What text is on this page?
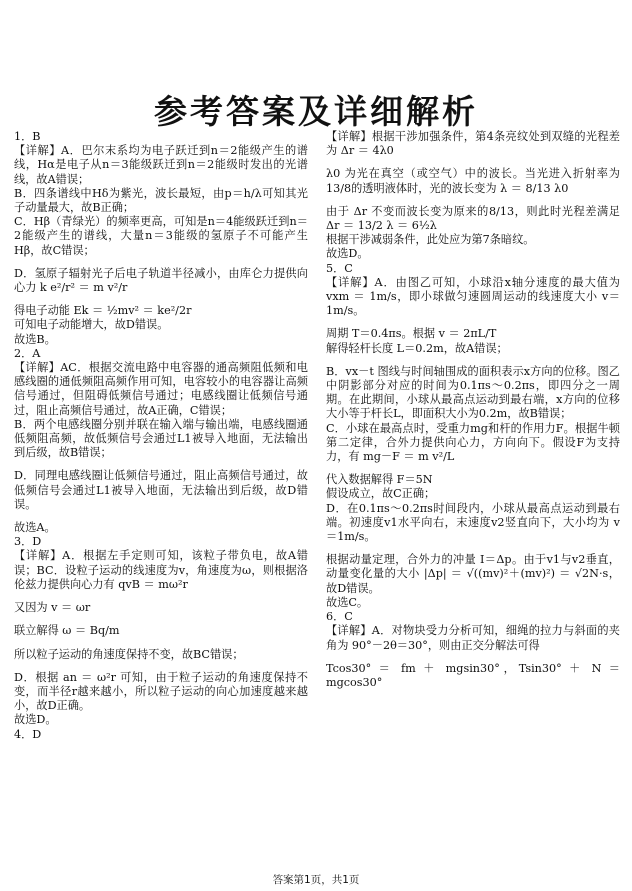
参考答案及详细解析

1．B

【详解】A．巴尔末系均为电子跃迁到n＝2能级产生的谱线，Hα是电子从n＝3能级跃迁到n＝2能级时发出的光谱线，故A错误；

B．四条谱线中Hδ为紫光，波长最短，由p＝h/λ可知其光子动量最大，故B正确；

C．Hβ（青绿光）的频率更高，可知是n＝4能级跃迁到n＝2能级产生的谱线，大量n＝3能级的氢原子不可能产生Hβ，故C错误；

D．氢原子辐射光子后电子轨道半径减小，由库仑力提供向心力 k e²/r² ＝ m v²/r

得电子动能 Ek ＝ ½mv² ＝ ke²/2r

可知电子动能增大，故D错误。

故选B。

2．A

【详解】AC．根据交流电路中电容器的通高频阻低频和电感线圈的通低频阻高频作用可知，电容较小的电容器让高频信号通过，但阻碍低频信号通过；电感线圈让低频信号通过，阻止高频信号通过，故A正确，C错误；

B．两个电感线圈分别并联在输入端与输出端，电感线圈通低频阻高频，故低频信号会通过L1被导入地面，无法输出到后级，故B错误；

D．同理电感线圈让低频信号通过，阻止高频信号通过，故低频信号会通过L1被导入地面，无法输出到后级，故D错误。

故选A。

3．D

【详解】A．根据左手定则可知，该粒子带负电，故A错误；BC．设粒子运动的线速度为v，角速度为ω，则根据洛伦兹力提供向心力有 qvB ＝ mω²r

又因为 v ＝ ωr

联立解得 ω ＝ Bq/m

所以粒子运动的角速度保持不变，故BC错误；

D．根据 an ＝ ω²r 可知，由于粒子运动的角速度保持不变，而半径r越来越小，所以粒子运动的向心加速度越来越小，故D正确。

故选D。

4．D

【详解】根据干涉加强条件，第4条亮纹处到双缝的光程差为 Δr ＝ 4λ0

λ0 为光在真空（或空气）中的波长。当光进入折射率为13/8的透明液体时，光的波长变为 λ ＝ 8/13 λ0

由于 Δr 不变而波长变为原来的8/13，则此时光程差满足 Δr ＝ 13/2 λ ＝ 6½λ

根据干涉减弱条件，此处应为第7条暗纹。

故选D。

5．C

【详解】A．由图乙可知，小球沿x轴分速度的最大值为 vxm ＝ 1m/s，即小球做匀速圆周运动的线速度大小 v＝1m/s。

周期 T＝0.4πs。根据 v ＝ 2πL/T

解得轻杆长度 L＝0.2m，故A错误；

B．vx－t 图线与时间轴围成的面积表示x方向的位移。图乙中阴影部分对应的时间为0.1πs～0.2πs，即四分之一周期。在此期间，小球从最高点运动到最右端，x方向的位移大小等于杆长L，即面积大小为0.2m，故B错误；

C．小球在最高点时，受重力mg和杆的作用力F。根据牛顿第二定律，合外力提供向心力，方向向下。假设F为支持力，有 mg－F ＝ m v²/L

代入数据解得 F＝5N

假设成立，故C正确；

D．在0.1πs～0.2πs时间段内，小球从最高点运动到最右端。初速度v1水平向右，末速度v2竖直向下，大小均为 v＝1m/s。

根据动量定理，合外力的冲量 I＝Δp。由于v1与v2垂直，动量变化量的大小 |Δp| ＝ √((mv)²＋(mv)²) ＝ √2N·s，故D错误。

故选C。

6．C

【详解】A．对物块受力分析可知，细绳的拉力与斜面的夹角为 90°－2θ＝30°，则由正交分解法可得

Tcos30° ＝ fm ＋ mgsin30°，Tsin30° ＋ N ＝ mgcos30°

答案第1页，共1页
